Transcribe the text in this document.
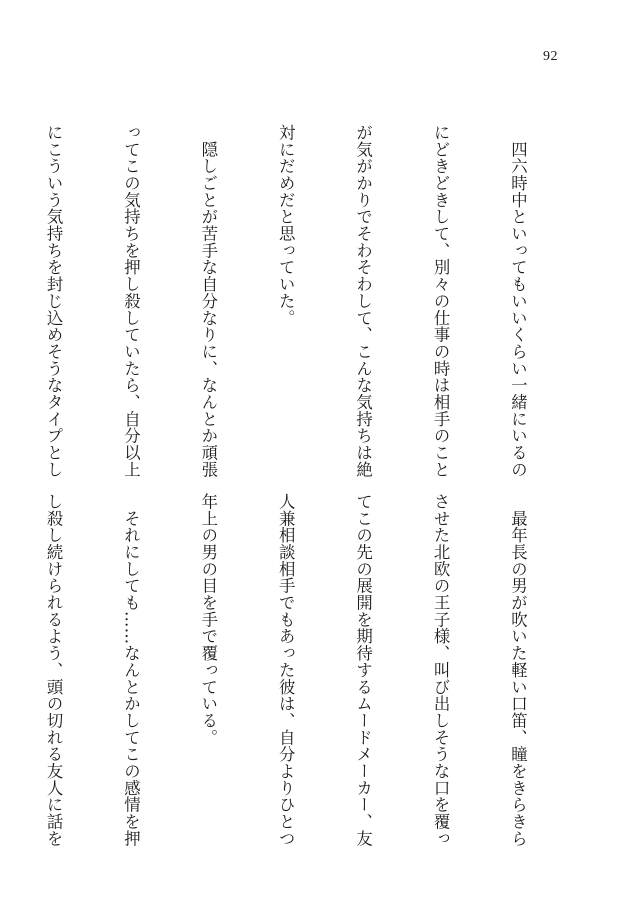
92

　四六時中といってもいいくらい一緒にいるの

にどきどきして、別々の仕事の時は相手のこと

が気がかりでそわそわして、こんな気持ちは絶

対にだめだと思っていた。

　隠しごとが苦手な自分なりに、なんとか頑張

ってこの気持ちを押し殺していたら、自分以上

にこういう気持ちを封じ込めそうなタイプとし

　最年長の男が吹いた軽い口笛、瞳をきらきら

させた北欧の王子様、叫び出しそうな口を覆っ

てこの先の展開を期待するムードメーカー、友

人兼相談相手でもあった彼は、自分よりひとつ

年上の男の目を手で覆っている。

　それにしても……なんとかしてこの感情を押

し殺し続けられるよう、頭の切れる友人に話を
